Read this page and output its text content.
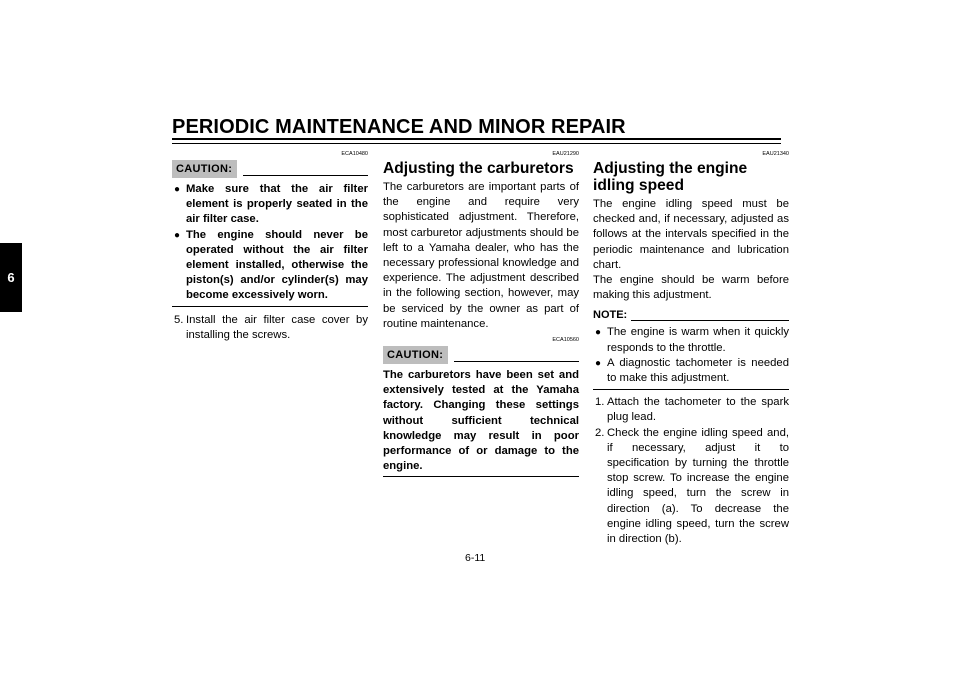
PERIODIC MAINTENANCE AND MINOR REPAIR
6
ECA10480
CAUTION:
● Make sure that the air filter element is properly seated in the air filter case.
● The engine should never be operated without the air filter element installed, otherwise the piston(s) and/or cylinder(s) may become excessively worn.
5. Install the air filter case cover by installing the screws.
EAU21290
Adjusting the carburetors

The carburetors are important parts of the engine and require very sophisticated adjustment. Therefore, most carburetor adjustments should be left to a Yamaha dealer, who has the necessary professional knowledge and experience. The adjustment described in the following section, however, may be serviced by the owner as part of routine maintenance.

ECA10560
CAUTION:

The carburetors have been set and extensively tested at the Yamaha factory. Changing these settings without sufficient technical knowledge may result in poor performance of or damage to the engine.

EAU21340
Adjusting the engine idling speed

The engine idling speed must be checked and, if necessary, adjusted as follows at the intervals specified in the periodic maintenance and lubrication chart.

The engine should be warm before making this adjustment.

NOTE:
● The engine is warm when it quickly responds to the throttle.
● A diagnostic tachometer is needed to make this adjustment.
1. Attach the tachometer to the spark plug lead.
2. Check the engine idling speed and, if necessary, adjust it to specification by turning the throttle stop screw. To increase the engine idling speed, turn the screw in direction (a). To decrease the engine idling speed, turn the screw in direction (b).
6-11
